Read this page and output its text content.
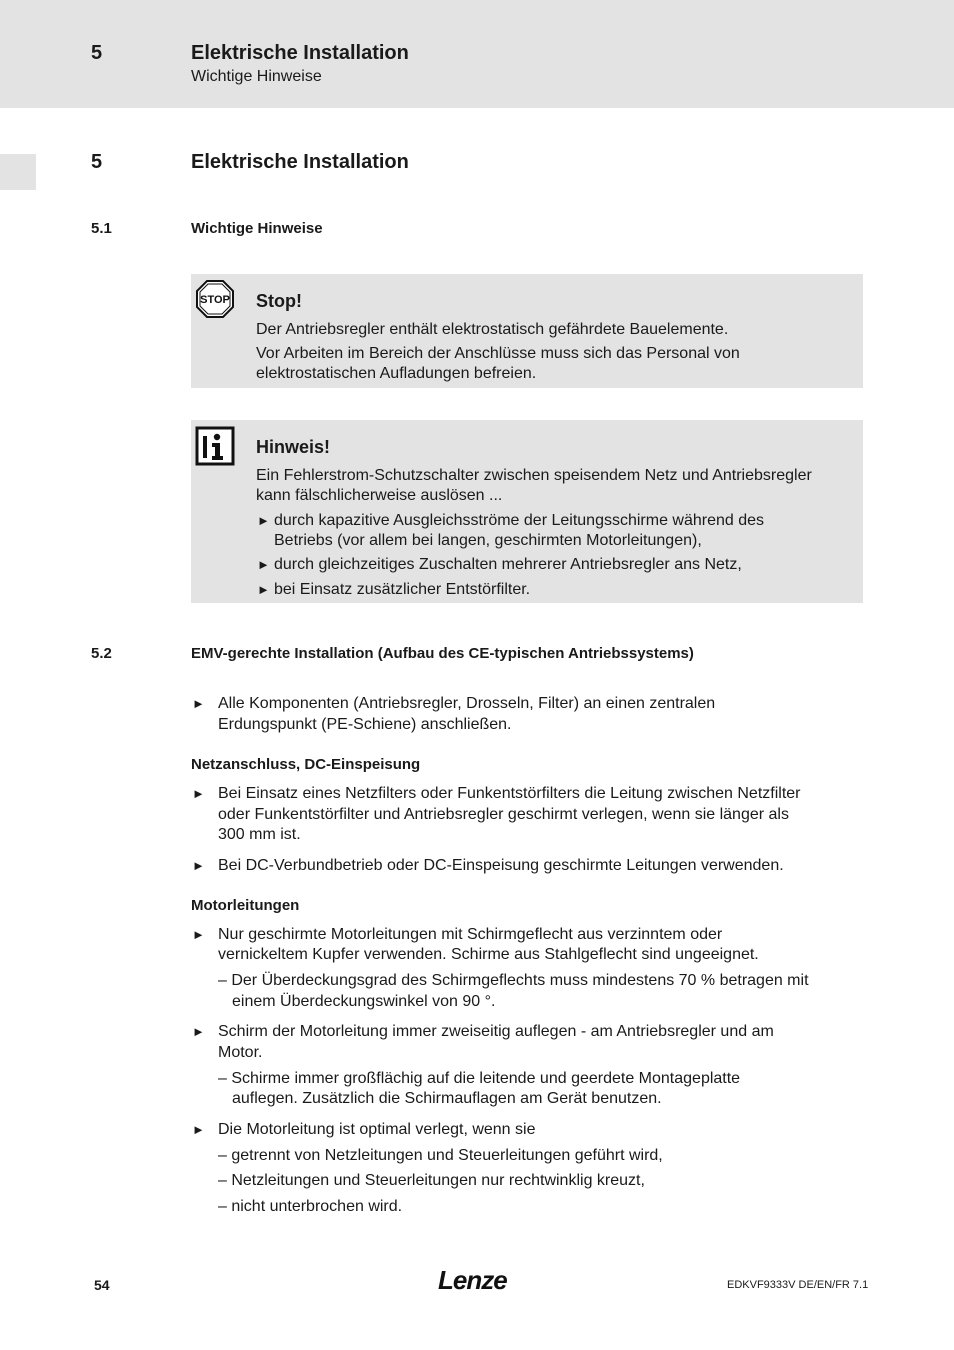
5	Elektrische Installation
Wichtige Hinweise
5	Elektrische Installation
5.1	Wichtige Hinweise
STOP Stop!
Der Antriebsregler enthält elektrostatisch gefährdete Bauelemente.
Vor Arbeiten im Bereich der Anschlüsse muss sich das Personal von
elektrostatischen Aufladungen befreien.
Hinweis!
Ein Fehlerstrom-Schutzschalter zwischen speisendem Netz und Antriebsregler
kann fälschlicherweise auslösen ...
► durch kapazitive Ausgleichsströme der Leitungsschirme während des
Betriebs (vor allem bei langen, geschirmten Motorleitungen),
► durch gleichzeitiges Zuschalten mehrerer Antriebsregler ans Netz,
► bei Einsatz zusätzlicher Entstörfilter.
5.2	EMV-gerechte Installation (Aufbau des CE-typischen Antriebssystems)
► Alle Komponenten (Antriebsregler, Drosseln, Filter) an einen zentralen
Erdungspunkt (PE-Schiene) anschließen.
Netzanschluss, DC-Einspeisung
► Bei Einsatz eines Netzfilters oder Funkentstörfilters die Leitung zwischen Netzfilter
oder Funkentstörfilter und Antriebsregler geschirmt verlegen, wenn sie länger als
300 mm ist.
► Bei DC-Verbundbetrieb oder DC-Einspeisung geschirmte Leitungen verwenden.
Motorleitungen
► Nur geschirmte Motorleitungen mit Schirmgeflecht aus verzinntem oder
vernickeltem Kupfer verwenden. Schirme aus Stahlgeflecht sind ungeeignet.
– Der Überdeckungsgrad des Schirmgeflechts muss mindestens 70 % betragen mit
einem Überdeckungswinkel von 90 °.
► Schirm der Motorleitung immer zweiseitig auflegen - am Antriebsregler und am
Motor.
– Schirme immer großflächig auf die leitende und geerdete Montageplatte
auflegen. Zusätzlich die Schirmauflagen am Gerät benutzen.
► Die Motorleitung ist optimal verlegt, wenn sie
– getrennt von Netzleitungen und Steuerleitungen geführt wird,
– Netzleitungen und Steuerleitungen nur rechtwinklig kreuzt,
– nicht unterbrochen wird.
54	Lenze	EDKVF9333V DE/EN/FR 7.1
